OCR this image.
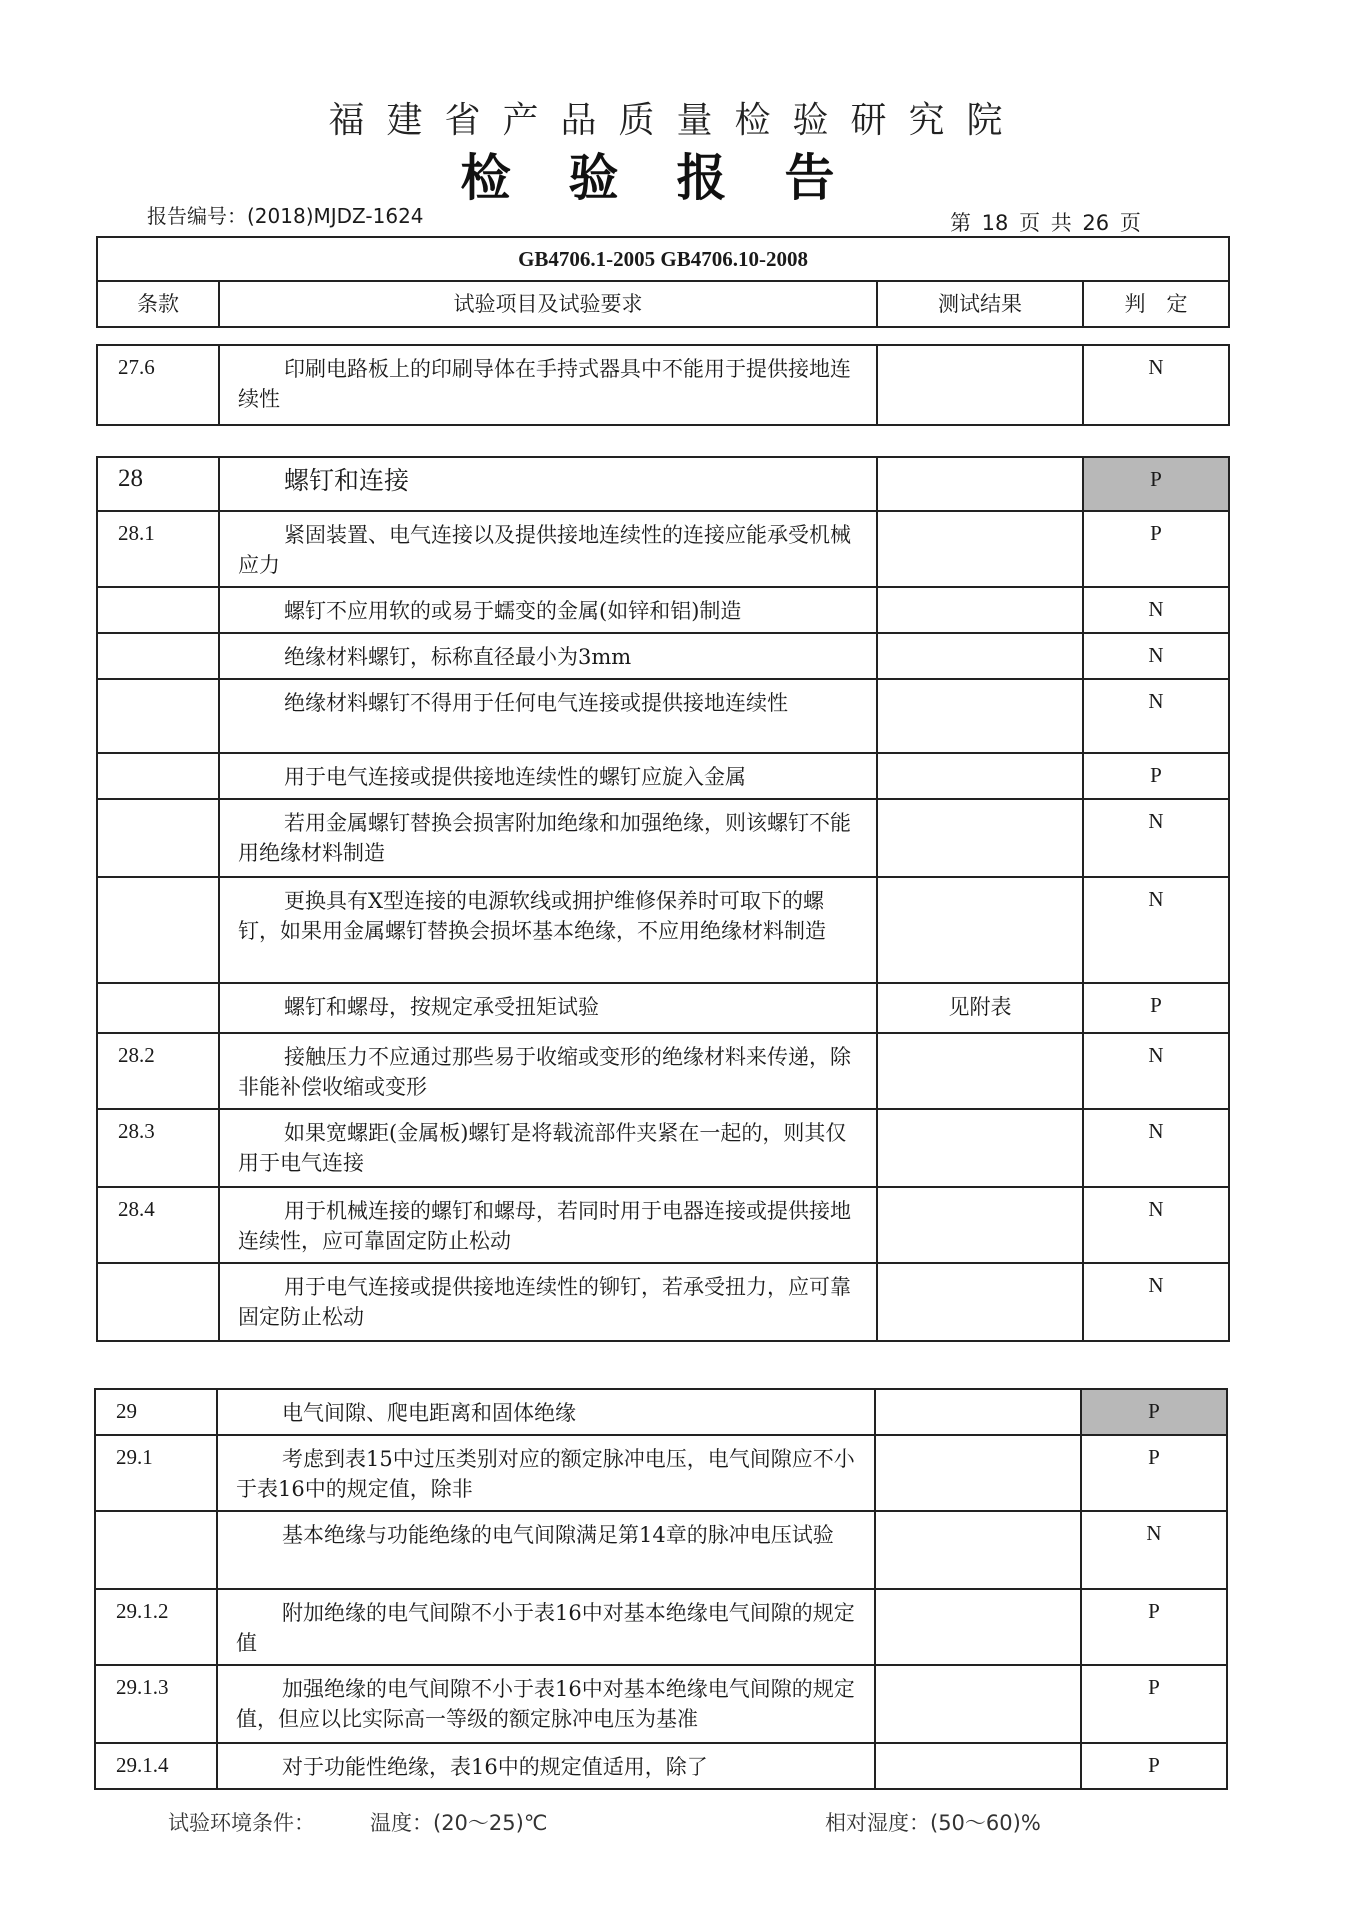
福建省产品质量检验研究院
检验报告
报告编号：(2018)MJDZ-1624	第 18 页 共 26 页
GB4706.1-2005 GB4706.10-2008
条款	试验项目及试验要求	测试结果	判　定
27.6	印刷电路板上的印刷导体在手持式器具中不能用于提供接地连续性		N
28	螺钉和连接		P
28.1	紧固装置、电气连接以及提供接地连续性的连接应能承受机械应力		P
	螺钉不应用软的或易于蠕变的金属(如锌和铝)制造		N
	绝缘材料螺钉，标称直径最小为3mm		N
	绝缘材料螺钉不得用于任何电气连接或提供接地连续性		N
	用于电气连接或提供接地连续性的螺钉应旋入金属		P
	若用金属螺钉替换会损害附加绝缘和加强绝缘，则该螺钉不能用绝缘材料制造		N
	更换具有X型连接的电源软线或拥护维修保养时可取下的螺钉，如果用金属螺钉替换会损坏基本绝缘，不应用绝缘材料制造		N
	螺钉和螺母，按规定承受扭矩试验	见附表	P
28.2	接触压力不应通过那些易于收缩或变形的绝缘材料来传递，除非能补偿收缩或变形		N
28.3	如果宽螺距(金属板)螺钉是将载流部件夹紧在一起的，则其仅用于电气连接		N
28.4	用于机械连接的螺钉和螺母，若同时用于电器连接或提供接地连续性，应可靠固定防止松动		N
	用于电气连接或提供接地连续性的铆钉，若承受扭力，应可靠固定防止松动		N
29	电气间隙、爬电距离和固体绝缘		P
29.1	考虑到表15中过压类别对应的额定脉冲电压，电气间隙应不小于表16中的规定值，除非		P
	基本绝缘与功能绝缘的电气间隙满足第14章的脉冲电压试验		N
29.1.2	附加绝缘的电气间隙不小于表16中对基本绝缘电气间隙的规定值		P
29.1.3	加强绝缘的电气间隙不小于表16中对基本绝缘电气间隙的规定值，但应以比实际高一等级的额定脉冲电压为基准		P
29.1.4	对于功能性绝缘，表16中的规定值适用，除了		P
试验环境条件：	温度：(20～25)℃	相对湿度：(50～60)%
